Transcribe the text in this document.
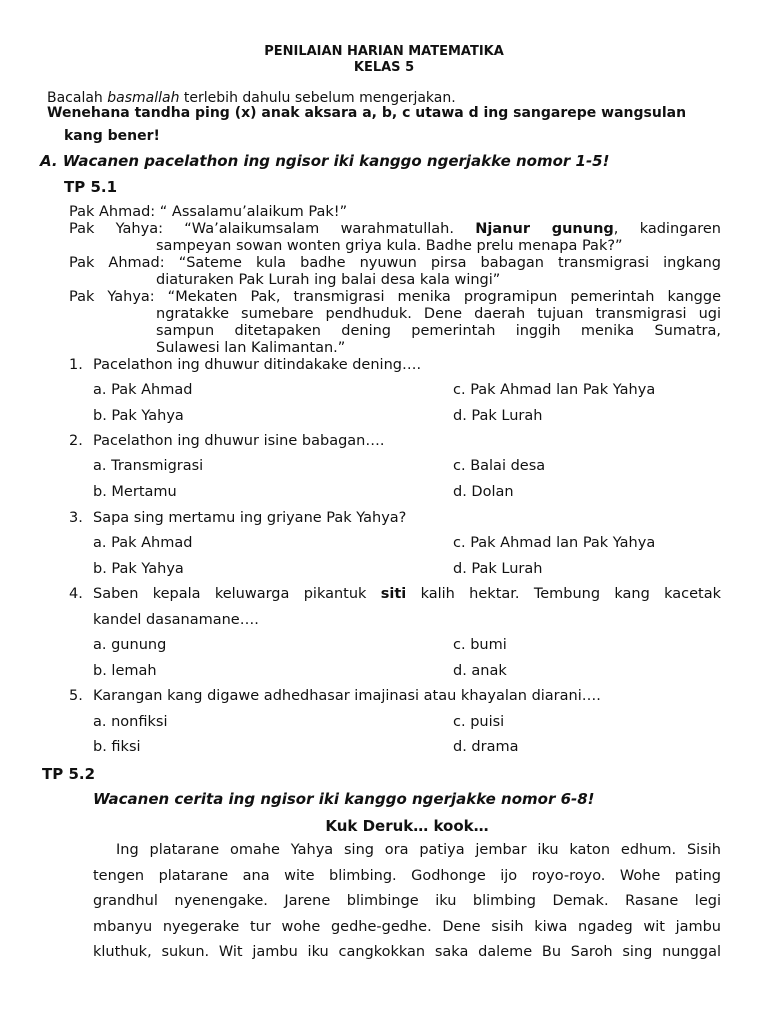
PENILAIAN HARIAN MATEMATIKA
KELAS 5
Bacalah basmallah terlebih dahulu sebelum mengerjakan.
Wenehana tandha ping (x) anak aksara a, b, c utawa d ing sangarepe wangsulan
kang bener!
A. Wacanen pacelathon ing ngisor iki kanggo ngerjakke nomor 1-5!
TP 5.1
Pak Ahmad: “ Assalamu’alaikum Pak!”
Pak Yahya: “Wa’alaikumsalam warahmatullah. Njanur gunung, kadingaren
sampeyan sowan wonten griya kula. Badhe prelu menapa Pak?”
Pak Ahmad: “Sateme kula badhe nyuwun pirsa babagan transmigrasi ingkang
diaturaken Pak Lurah ing balai desa kala wingi”
Pak Yahya: “Mekaten Pak, transmigrasi menika programipun pemerintah kangge
ngratakke sumebare pendhuduk. Dene daerah tujuan transmigrasi ugi
sampun ditetapaken dening pemerintah inggih menika Sumatra,
Sulawesi lan Kalimantan.”
1. Pacelathon ing dhuwur ditindakake dening….
a. Pak Ahmad	c. Pak Ahmad lan Pak Yahya
b. Pak Yahya	d. Pak Lurah
2. Pacelathon ing dhuwur isine babagan….
a. Transmigrasi	c. Balai desa
b. Mertamu	d. Dolan
3. Sapa sing mertamu ing griyane Pak Yahya?
a. Pak Ahmad	c. Pak Ahmad lan Pak Yahya
b. Pak Yahya	d. Pak Lurah
4. Saben kepala keluwarga pikantuk siti kalih hektar. Tembung kang kacetak
kandel dasanamane….
a. gunung	c. bumi
b. lemah	d. anak
5. Karangan kang digawe adhedhasar imajinasi atau khayalan diarani….
a. nonfiksi	c. puisi
b. fiksi	d. drama
TP 5.2
Wacanen cerita ing ngisor iki kanggo ngerjakke nomor 6-8!
Kuk Deruk… kook…
Ing platarane omahe Yahya sing ora patiya jembar iku katon edhum. Sisih
tengen platarane ana wite blimbing. Godhonge ijo royo-royo. Wohe pating
grandhul nyenengake. Jarene blimbinge iku blimbing Demak. Rasane legi
mbanyu nyegerake tur wohe gedhe-gedhe. Dene sisih kiwa ngadeg wit jambu
kluthuk, sukun. Wit jambu iku cangkokkan saka daleme Bu Saroh sing nunggal
